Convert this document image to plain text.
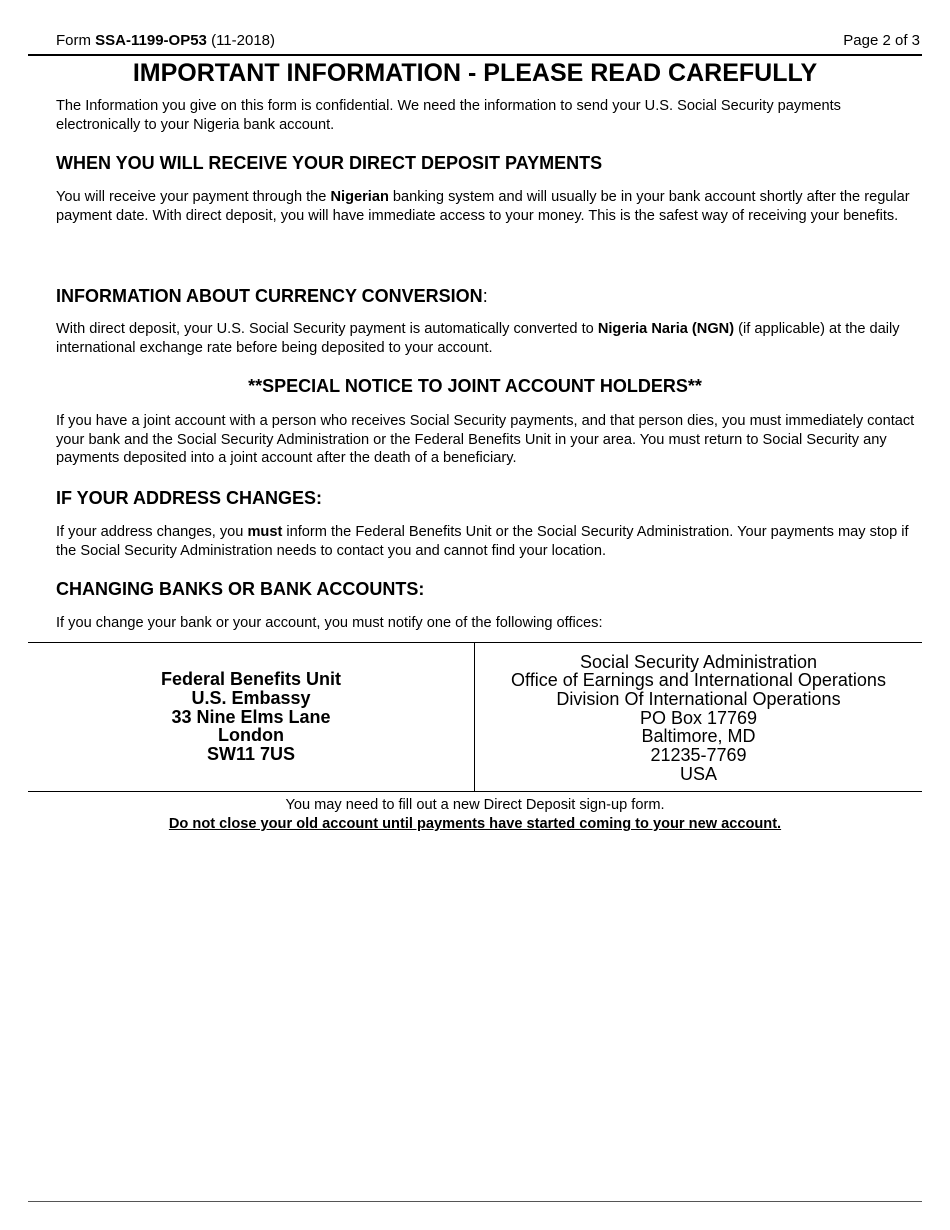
Form SSA-1199-OP53 (11-2018)	Page 2 of 3
IMPORTANT INFORMATION - PLEASE READ CAREFULLY
The Information you give on this form is confidential. We need the information to send your U.S. Social Security payments electronically to your Nigeria bank account.
WHEN YOU WILL RECEIVE YOUR DIRECT DEPOSIT PAYMENTS
You will receive your payment through the Nigerian banking system and will usually be in your bank account shortly after the regular payment date. With direct deposit, you will have immediate access to your money. This is the safest way of receiving your benefits.
INFORMATION ABOUT CURRENCY CONVERSION:
With direct deposit, your U.S. Social Security payment is automatically converted to Nigeria Naria (NGN) (if applicable) at the daily international exchange rate before being deposited to your account.
**SPECIAL NOTICE TO JOINT ACCOUNT HOLDERS**
If you have a joint account with a person who receives Social Security payments, and that person dies, you must immediately contact your bank and the Social Security Administration or the Federal Benefits Unit in your area. You must return to Social Security any payments deposited into a joint account after the death of a beneficiary.
IF YOUR ADDRESS CHANGES:
If your address changes, you must inform the Federal Benefits Unit or the Social Security Administration. Your payments may stop if the Social Security Administration needs to contact you and cannot find your location.
CHANGING BANKS OR BANK ACCOUNTS:
If you change your bank or your account, you must notify one of the following offices:
Federal Benefits Unit
U.S. Embassy
33 Nine Elms Lane
London
SW11 7US
Social Security Administration
Office of Earnings and International Operations
Division Of International Operations
PO Box 17769
Baltimore, MD
21235-7769
USA
You may need to fill out a new Direct Deposit sign-up form.
Do not close your old account until payments have started coming to your new account.
